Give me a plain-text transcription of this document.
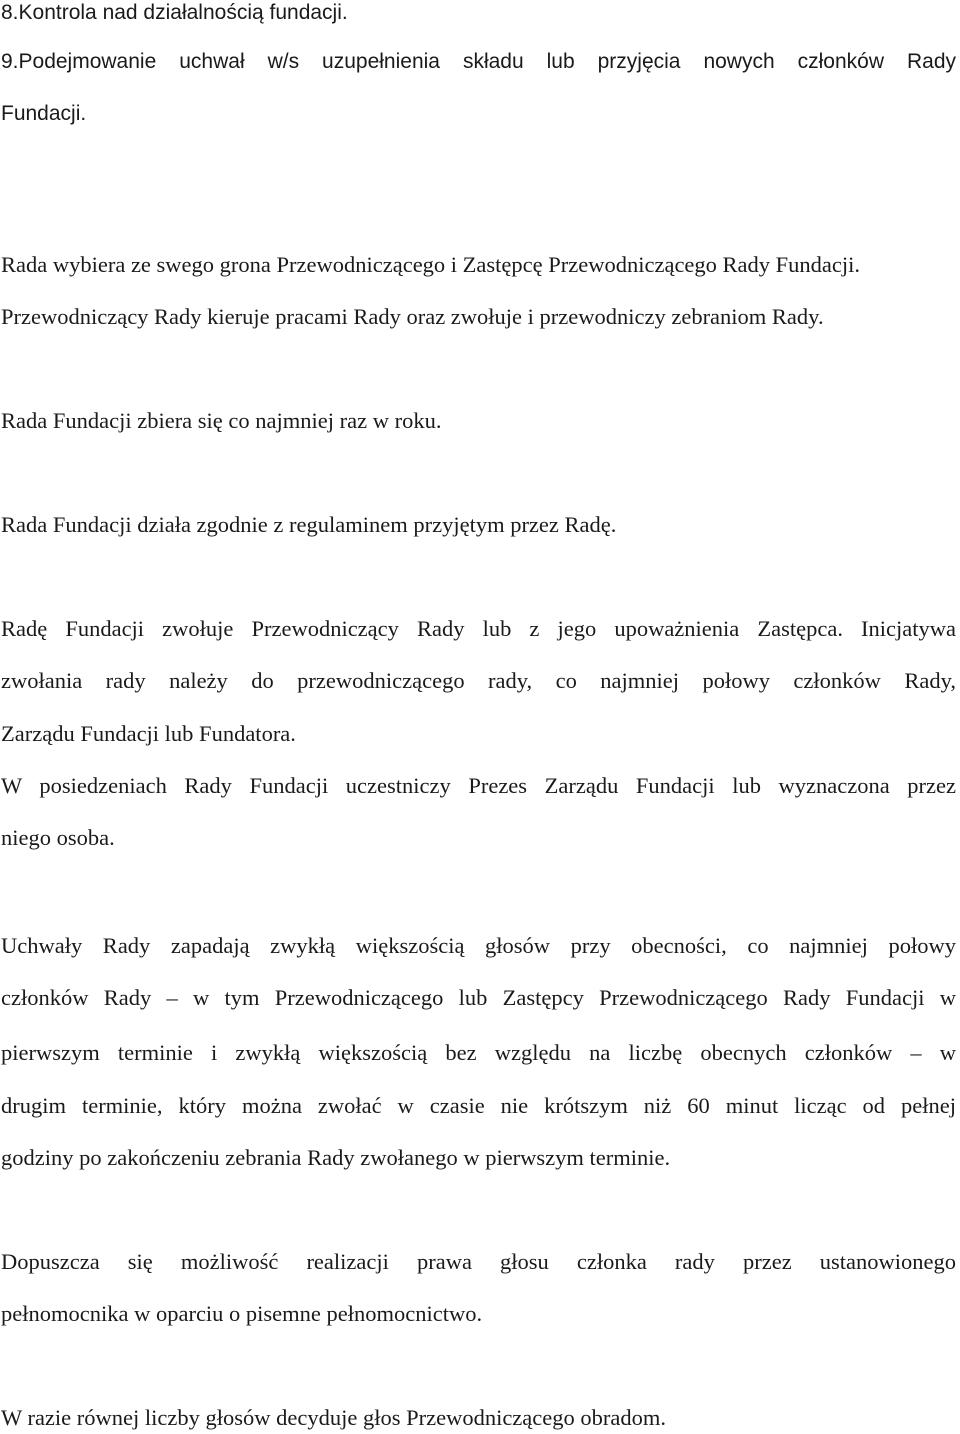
8.Kontrola nad działalnością fundacji.
9.Podejmowanie uchwał w/s uzupełnienia składu lub przyjęcia nowych członków Rady
Fundacji.
Rada wybiera ze swego grona Przewodniczącego i Zastępcę Przewodniczącego Rady Fundacji.
Przewodniczący Rady kieruje pracami Rady oraz zwołuje i przewodniczy zebraniom Rady.
Rada Fundacji zbiera się co najmniej raz w roku.
Rada Fundacji działa zgodnie z regulaminem przyjętym przez Radę.
Radę Fundacji zwołuje Przewodniczący Rady lub z jego upoważnienia Zastępca. Inicjatywa
zwołania rady należy do przewodniczącego rady, co najmniej połowy członków Rady,
Zarządu Fundacji lub Fundatora.
W posiedzeniach Rady Fundacji uczestniczy Prezes Zarządu Fundacji lub wyznaczona przez
niego osoba.
Uchwały Rady zapadają zwykłą większością głosów przy obecności, co najmniej połowy
członków Rady – w tym Przewodniczącego lub Zastępcy Przewodniczącego Rady Fundacji w
pierwszym terminie i zwykłą większością bez względu na liczbę obecnych członków – w
drugim terminie, który można zwołać w czasie nie krótszym niż 60 minut licząc od pełnej
godziny po zakończeniu zebrania Rady zwołanego w pierwszym terminie.
Dopuszcza się możliwość realizacji prawa głosu członka rady przez ustanowionego
pełnomocnika w oparciu o pisemne pełnomocnictwo.
W razie równej liczby głosów decyduje głos Przewodniczącego obradom.
